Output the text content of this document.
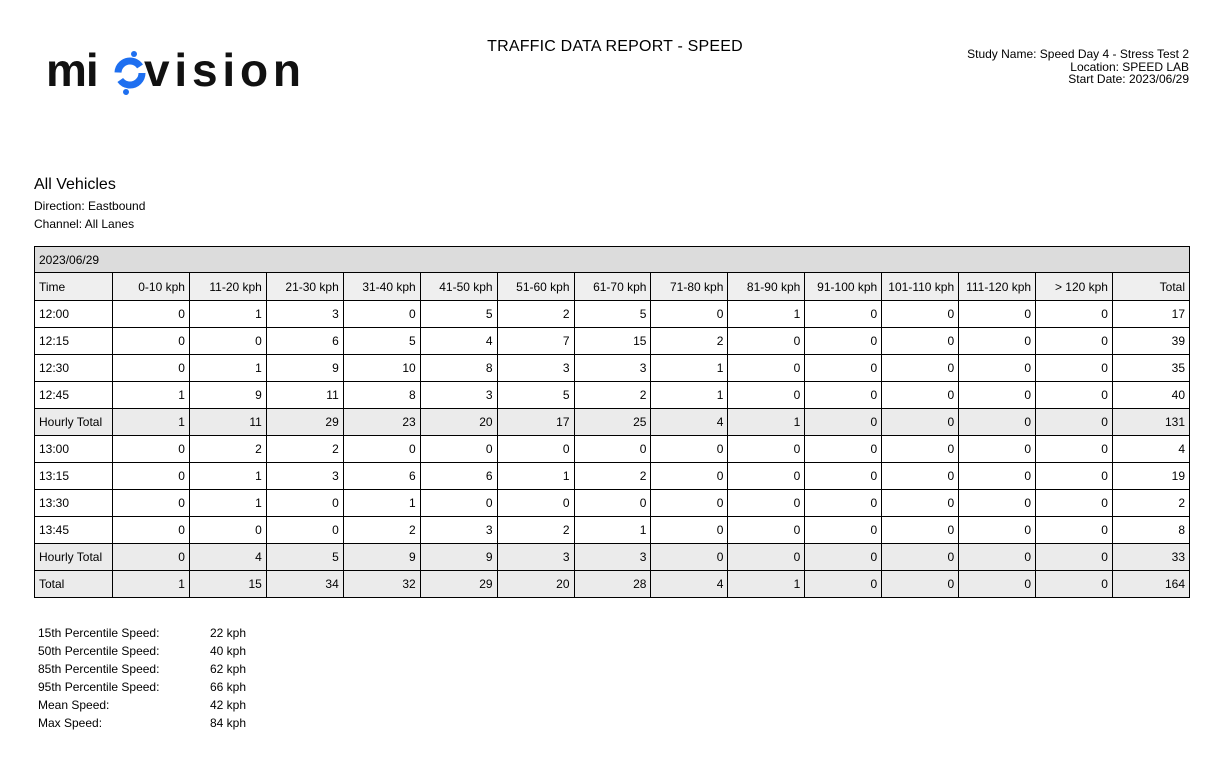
mi vision	TRAFFIC DATA REPORT - SPEED	Study Name: Speed Day 4 - Stress Test 2
Location: SPEED LAB
Start Date: 2023/06/29
All Vehicles
Direction: Eastbound
Channel: All Lanes
2023/06/29														
Time	0-10 kph	11-20 kph	21-30 kph	31-40 kph	41-50 kph	51-60 kph	61-70 kph	71-80 kph	81-90 kph	91-100 kph	101-110 kph	111-120 kph	> 120 kph	Total
12:00	0	1	3	0	5	2	5	0	1	0	0	0	0	17
12:15	0	0	6	5	4	7	15	2	0	0	0	0	0	39
12:30	0	1	9	10	8	3	3	1	0	0	0	0	0	35
12:45	1	9	11	8	3	5	2	1	0	0	0	0	0	40
Hourly Total	1	11	29	23	20	17	25	4	1	0	0	0	0	131
13:00	0	2	2	0	0	0	0	0	0	0	0	0	0	4
13:15	0	1	3	6	6	1	2	0	0	0	0	0	0	19
13:30	0	1	0	1	0	0	0	0	0	0	0	0	0	2
13:45	0	0	0	2	3	2	1	0	0	0	0	0	0	8
Hourly Total	0	4	5	9	9	3	3	0	0	0	0	0	0	33
Total	1	15	34	32	29	20	28	4	1	0	0	0	0	164
15th Percentile Speed:	22 kph
50th Percentile Speed:	40 kph
85th Percentile Speed:	62 kph
95th Percentile Speed:	66 kph
Mean Speed:	42 kph
Max Speed:	84 kph
